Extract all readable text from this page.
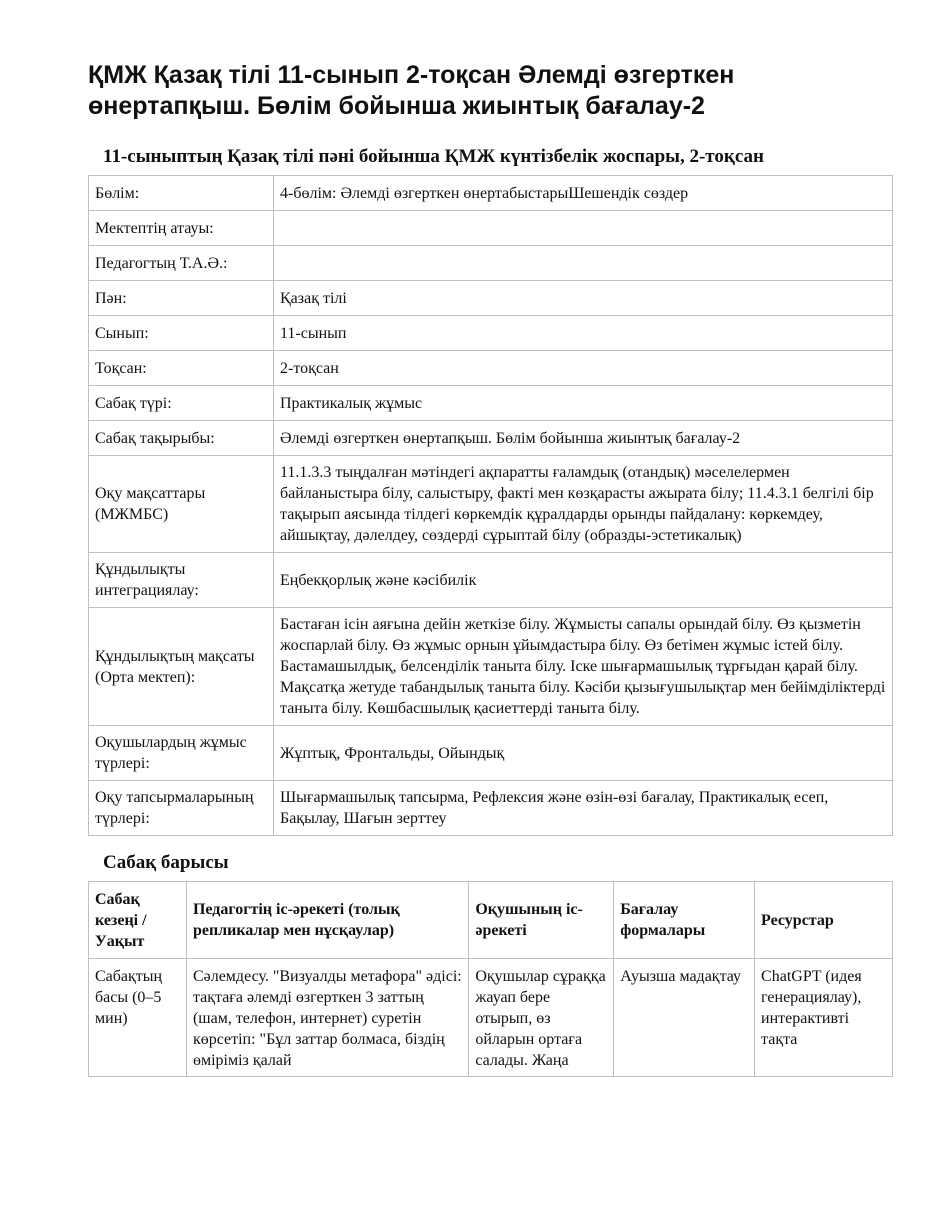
ҚМЖ Қазақ тілі 11-сынып 2-тоқсан Әлемді өзгерткен өнертапқыш. Бөлім бойынша жиынтық бағалау-2
11-сыныптың Қазақ тілі пәні бойынша ҚМЖ күнтізбелік жоспары, 2-тоқсан
Бөлім:	4-бөлім: Әлемді өзгерткен өнертабыстарыШешендік сөздер
Мектептің атауы:	
Педагогтың Т.А.Ә.:	
Пән:	Қазақ тілі
Сынып:	11-сынып
Тоқсан:	2-тоқсан
Сабақ түрі:	Практикалық жұмыс
Сабақ тақырыбы:	Әлемді өзгерткен өнертапқыш. Бөлім бойынша жиынтық бағалау-2
Оқу мақсаттары (МЖМБС)	11.1.3.3 тыңдалған мәтіндегі ақпаратты ғаламдық (отандық) мәселелермен байланыстыра білу, салыстыру, факті мен көзқарасты ажырата білу; 11.4.3.1 белгілі бір тақырып аясында тілдегі көркемдік құралдарды орынды пайдалану: көркемдеу, айшықтау, дәлелдеу, сөздерді сұрыптай білу (образды-эстетикалық)
Құндылықты интеграциялау:	Еңбекқорлық және кәсібилік
Құндылықтың мақсаты (Орта мектеп):	Бастаған ісін аяғына дейін жеткізе білу. Жұмысты сапалы орындай білу. Өз қызметін жоспарлай білу. Өз жұмыс орнын ұйымдастыра білу. Өз бетімен жұмыс істей білу. Бастамашылдық, белсенділік таныта білу. Іске шығармашылық тұрғыдан қарай білу. Мақсатқа жетуде табандылық таныта білу. Кәсіби қызығушылықтар мен бейімділіктерді таныта білу. Көшбасшылық қасиеттерді таныта білу.
Оқушылардың жұмыс түрлері:	Жұптық, Фронтальды, Ойындық
Оқу тапсырмаларының түрлері:	Шығармашылық тапсырма, Рефлексия және өзін-өзі бағалау, Практикалық есеп, Бақылау, Шағын зерттеу
Сабақ барысы
Сабақ кезеңі / Уақыт	Педагогтің іс-әрекеті (толық репликалар мен нұсқаулар)	Оқушының іс-әрекеті	Бағалау формалары	Ресурстар

Сабақтың басы (0–5 мин)	Сәлемдесу. "Визуалды метафора" әдісі: тақтаға әлемді өзгерткен 3 заттың (шам, телефон, интернет) суретін көрсетіп: "Бұл заттар болмаса, біздің өміріміз қалай	Оқушылар сұраққа жауап бере отырып, өз ойларын ортаға салады. Жаңа	Ауызша мадақтау	ChatGPT (идея генерациялау), интерактивті тақта
